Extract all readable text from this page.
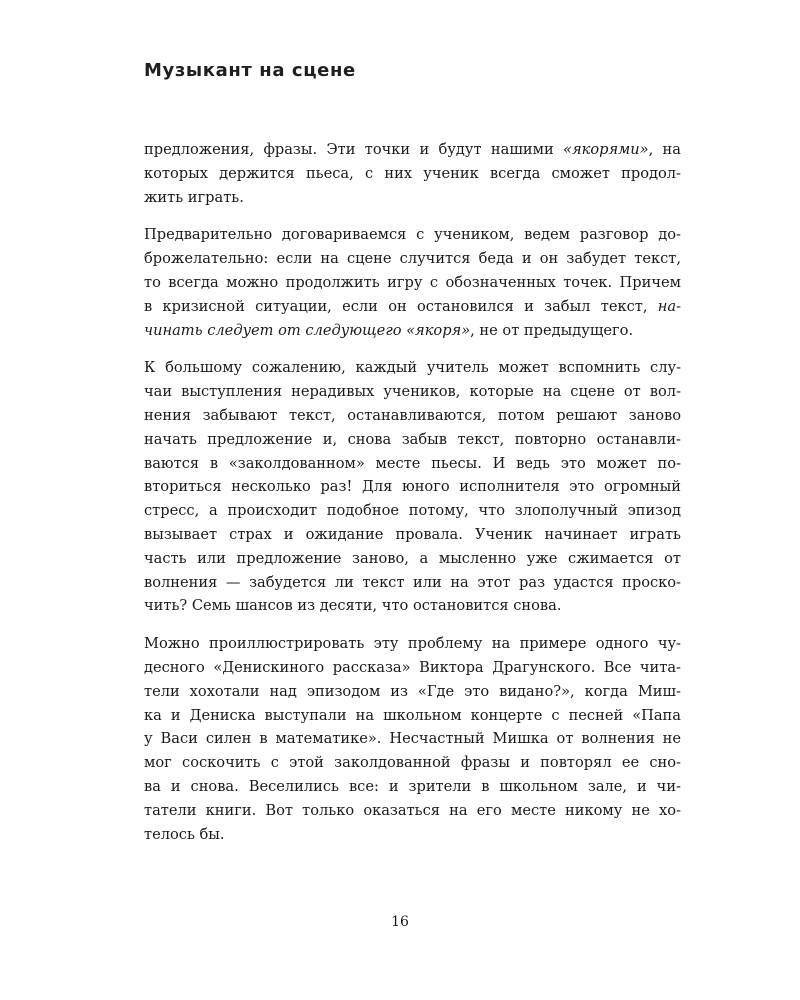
Музыкант на сцене
предложения, фразы. Эти точки и будут нашими «якорями», на
которых держится пьеса, с них ученик всегда сможет продол-
жить играть.
Предварительно договариваемся с учеником, ведем разговор до-
брожелательно: если на сцене случится беда и он забудет текст,
то всегда можно продолжить игру с обозначенных точек. Причем
в кризисной ситуации, если он остановился и забыл текст, на-
чинать следует от следующего «якоря», не от предыдущего.
К большому сожалению, каждый учитель может вспомнить слу-
чаи выступления нерадивых учеников, которые на сцене от вол-
нения забывают текст, останавливаются, потом решают заново
начать предложение и, снова забыв текст, повторно останавли-
ваются в «заколдованном» месте пьесы. И ведь это может по-
вториться несколько раз! Для юного исполнителя это огромный
стресс, а происходит подобное потому, что злополучный эпизод
вызывает страх и ожидание провала. Ученик начинает играть
часть или предложение заново, а мысленно уже сжимается от
волнения — забудется ли текст или на этот раз удастся проско-
чить? Семь шансов из десяти, что остановится снова.
Можно проиллюстрировать эту проблему на примере одного чу-
десного «Денискиного рассказа» Виктора Драгунского. Все чита-
тели хохотали над эпизодом из «Где это видано?», когда Миш-
ка и Дениска выступали на школьном концерте с песней «Папа
у Васи силен в математике». Несчастный Мишка от волнения не
мог соскочить с этой заколдованной фразы и повторял ее сно-
ва и снова. Веселились все: и зрители в школьном зале, и чи-
татели книги. Вот только оказаться на его месте никому не хо-
телось бы.
16
